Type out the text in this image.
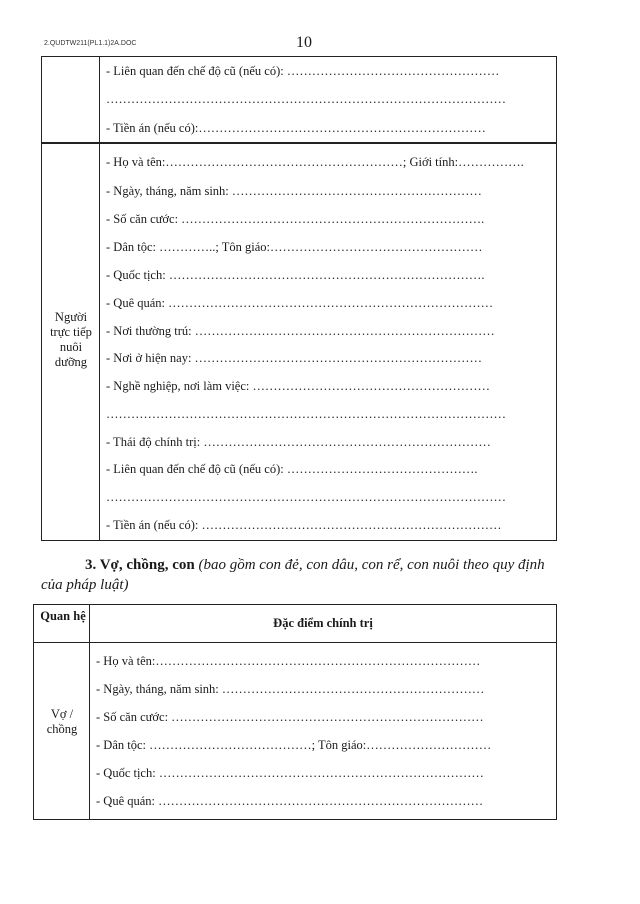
2.QUDTW211(PL1.1)2A.DOC	10
- Liên quan đến chế độ cũ (nếu có): ……………………………………………
……………………………………………………………………………………
- Tiền án (nếu có):……………………………………………………………
Người trực tiếp nuôi dưỡng
- Họ và tên:…………………………………………………; Giới tính:…………….
- Ngày, tháng, năm sinh: ……………………………………………………
- Số căn cước: ……………………………………………………………….
- Dân tộc: …………..; Tôn giáo:……………………………………………
- Quốc tịch: ………………………………………………………………….
- Quê quán: ……………………………………………………………………
- Nơi thường trú: ………………………………………………………………
- Nơi ở hiện nay: ……………………………………………………………
- Nghề nghiệp, nơi làm việc: …………………………………………………
……………………………………………………………………………………
- Thái độ chính trị: ……………………………………………………………
- Liên quan đến chế độ cũ (nếu có): ……………………………………….
……………………………………………………………………………………
- Tiền án (nếu có): ………………………………………………………………
3. Vợ, chồng, con (bao gồm con đẻ, con dâu, con rể, con nuôi theo quy định của pháp luật)
Quan hệ	Đặc điểm chính trị
Vợ / chồng
- Họ và tên:……………………………………………………………………
- Ngày, tháng, năm sinh: ………………………………………………………
- Số căn cước: …………………………………………………………………
- Dân tộc: …………………………………; Tôn giáo:…………………………
- Quốc tịch: ……………………………………………………………………
- Quê quán: ……………………………………………………………………
